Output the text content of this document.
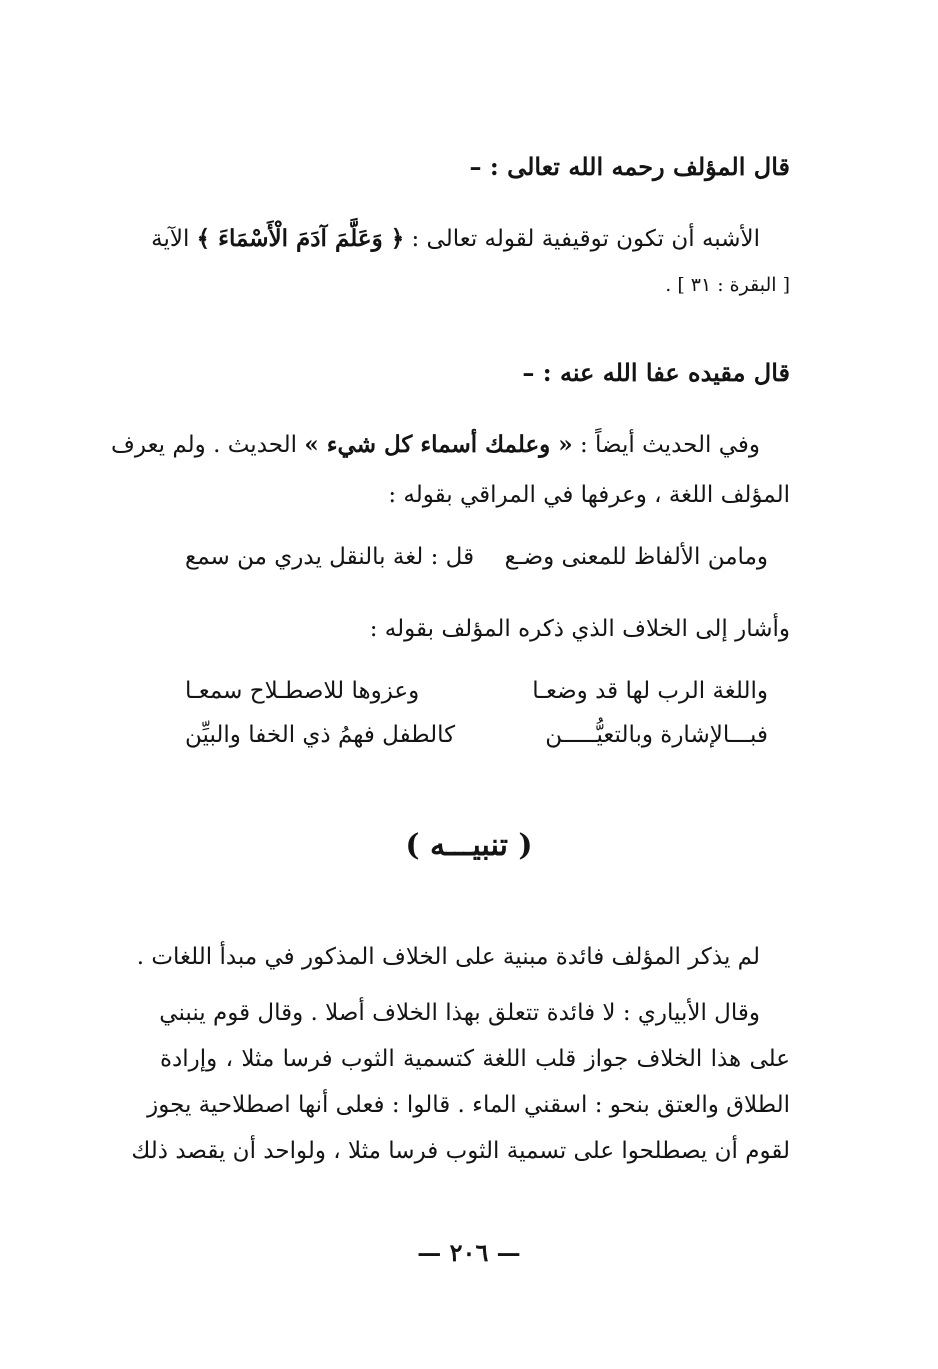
قال المؤلف رحمه الله تعالى : –
الأشبه أن تكون توقيفية لقوله تعالى : ﴿ وَعَلَّمَ آدَمَ الْأَسْمَاءَ ﴾ الآية
[ البقرة : ٣١ ] .
قال مقيده عفا الله عنه : –
وفي الحديث أيضاً : « وعلمك أسماء كل شيء » الحديث . ولم يعرف
المؤلف اللغة ، وعرفها في المراقي بقوله :
ومامن الألفاظ للمعنى وضـع
قل : لغة بالنقل يدري من سمع
وأشار إلى الخلاف الذي ذكره المؤلف بقوله :
واللغة الرب لها قد وضعـا
وعزوها للاصطـلاح سمعـا
فبـــالإشارة وبالتعيُّـــــن
كالطفل فهمُ ذي الخفا والبيِّن
( تنبيـــه )
لم يذكر المؤلف فائدة مبنية على الخلاف المذكور في مبدأ اللغات .
وقال الأبياري : لا فائدة تتعلق بهذا الخلاف أصلا . وقال قوم ينبني
على هذا الخلاف جواز قلب اللغة كتسمية الثوب فرسا مثلا ، وإرادة
الطلاق والعتق بنحو : اسقني الماء . قالوا : فعلى أنها اصطلاحية يجوز
لقوم أن يصطلحوا على تسمية الثوب فرسا مثلا ، ولواحد أن يقصد ذلك
— ٢٠٦ —
